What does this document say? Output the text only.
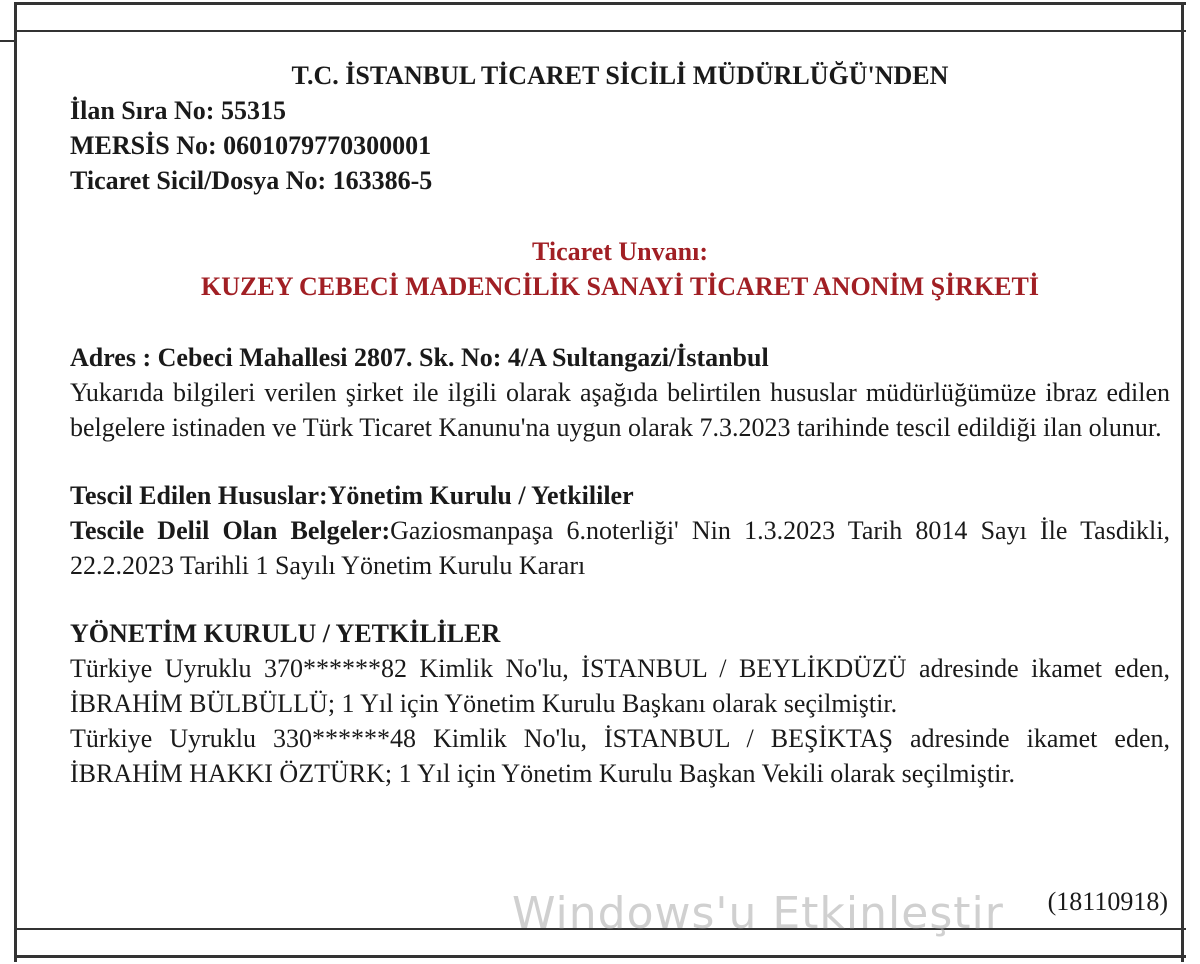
T.C. İSTANBUL TİCARET SİCİLİ MÜDÜRLÜĞÜ'NDEN
İlan Sıra No: 55315
MERSİS No: 0601079770300001
Ticaret Sicil/Dosya No: 163386-5
Ticaret Unvanı:
KUZEY CEBECİ MADENCİLİK SANAYİ TİCARET ANONİM ŞİRKETİ
Adres : Cebeci Mahallesi 2807. Sk. No: 4/A Sultangazi/İstanbul

Yukarıda bilgileri verilen şirket ile ilgili olarak aşağıda belirtilen hususlar müdürlüğümüze ibraz edilen belgelere istinaden ve Türk Ticaret Kanunu'na uygun olarak 7.3.2023 tarihinde tescil edildiği ilan olunur.

Tescil Edilen Hususlar:Yönetim Kurulu / Yetkililer

Tescile Delil Olan Belgeler:Gaziosmanpaşa 6.noterliği' Nin 1.3.2023 Tarih 8014 Sayı İle Tasdikli, 22.2.2023 Tarihli 1 Sayılı Yönetim Kurulu Kararı

YÖNETİM KURULU / YETKİLİLER

Türkiye Uyruklu 370******82 Kimlik No'lu, İSTANBUL / BEYLİKDÜZÜ adresinde ikamet eden, İBRAHİM BÜLBÜLLÜ; 1 Yıl için Yönetim Kurulu Başkanı olarak seçilmiştir.

Türkiye Uyruklu 330******48 Kimlik No'lu, İSTANBUL / BEŞİKTAŞ adresinde ikamet eden, İBRAHİM HAKKI ÖZTÜRK; 1 Yıl için Yönetim Kurulu Başkan Vekili olarak seçilmiştir.

Windows'u Etkinleştir (18110918)
